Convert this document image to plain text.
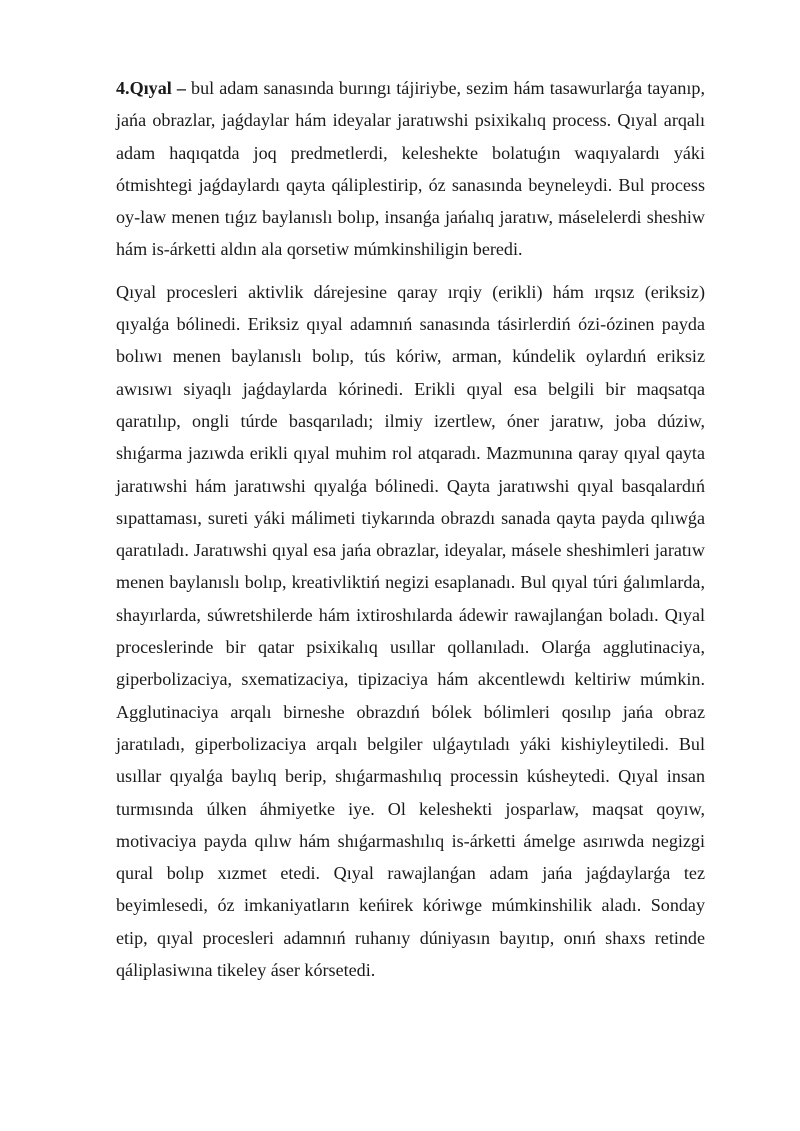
4.Qıyal – bul adam sanasında burıngı tájiriybe, sezim hám tasawurlarǵa tayanıp, jańa obrazlar, jaǵdaylar hám ideyalar jaratıwshi psixikalıq process. Qıyal arqalı adam haqıqatda joq predmetlerdi, keleshekte bolatuǵın waqıyalardı yáki ótmishtegi jaǵdaylardı qayta qáliplestirip, óz sanasında beyneleydi. Bul process oy-law menen tıǵız baylanıslı bolıp, insanǵa jańalıq jaratıw, máselelerdi sheshiw hám is-árketti aldın ala qorsetiw múmkinshiligin beredi.

Qıyal procesleri aktivlik dárejesine qaray ırqiy (erikli) hám ırqsız (eriksiz) qıyalǵa bólinedi. Eriksiz qıyal adamnıń sanasında tásirlerdiń ózi-ózinen payda bolıwı menen baylanıslı bolıp, tús kóriw, arman, kúndelik oylardıń eriksiz awısıwı siyaqlı jaǵdaylarda kórinedi. Erikli qıyal esa belgili bir maqsatqa qaratılıp, ongli túrde basqarıladı; ilmiy izertlew, óner jaratıw, joba dúziw, shıǵarma jazıwda erikli qıyal muhim rol atqaradı. Mazmunına qaray qıyal qayta jaratıwshi hám jaratıwshi qıyalǵa bólinedi. Qayta jaratıwshi qıyal basqalardıń sıpattaması, sureti yáki málimeti tiykarında obrazdı sanada qayta payda qılıwǵa qaratıladı. Jaratıwshi qıyal esa jańa obrazlar, ideyalar, másele sheshimleri jaratıw menen baylanıslı bolıp, kreativliktiń negizi esaplanadı. Bul qıyal túri ǵalımlarda, shayırlarda, súwretshilerde hám ixtiroshılarda ádewir rawajlanǵan boladı. Qıyal proceslerinde bir qatar psixikalıq usıllar qollanıladı. Olarǵa agglutinaciya, giperbolizaciya, sxematizaciya, tipizaciya hám akcentlewdı keltiriw múmkin. Agglutinaciya arqalı birneshe obrazdıń bólek bólimleri qosılıp jańa obraz jaratıladı, giperbolizaciya arqalı belgiler ulǵaytıladı yáki kishiyleytiledi. Bul usıllar qıyalǵa baylıq berip, shıǵarmashılıq processin kúsheytedi. Qıyal insan turmısında úlken áhmiyetke iye. Ol keleshekti josparlaw, maqsat qoyıw, motivaciya payda qılıw hám shıǵarmashılıq is-árketti ámelge asırıwda negizgi qural bolıp xızmet etedi. Qıyal rawajlanǵan adam jańa jaǵdaylarǵa tez beyimlesedi, óz imkaniyatların keńirek kóriwge múmkinshilik aladı. Sonday etip, qıyal procesleri adamnıń ruhanıy dúniyasın bayıtıp, onıń shaxs retinde qáliplasiwına tikeley áser kórsetedi.
